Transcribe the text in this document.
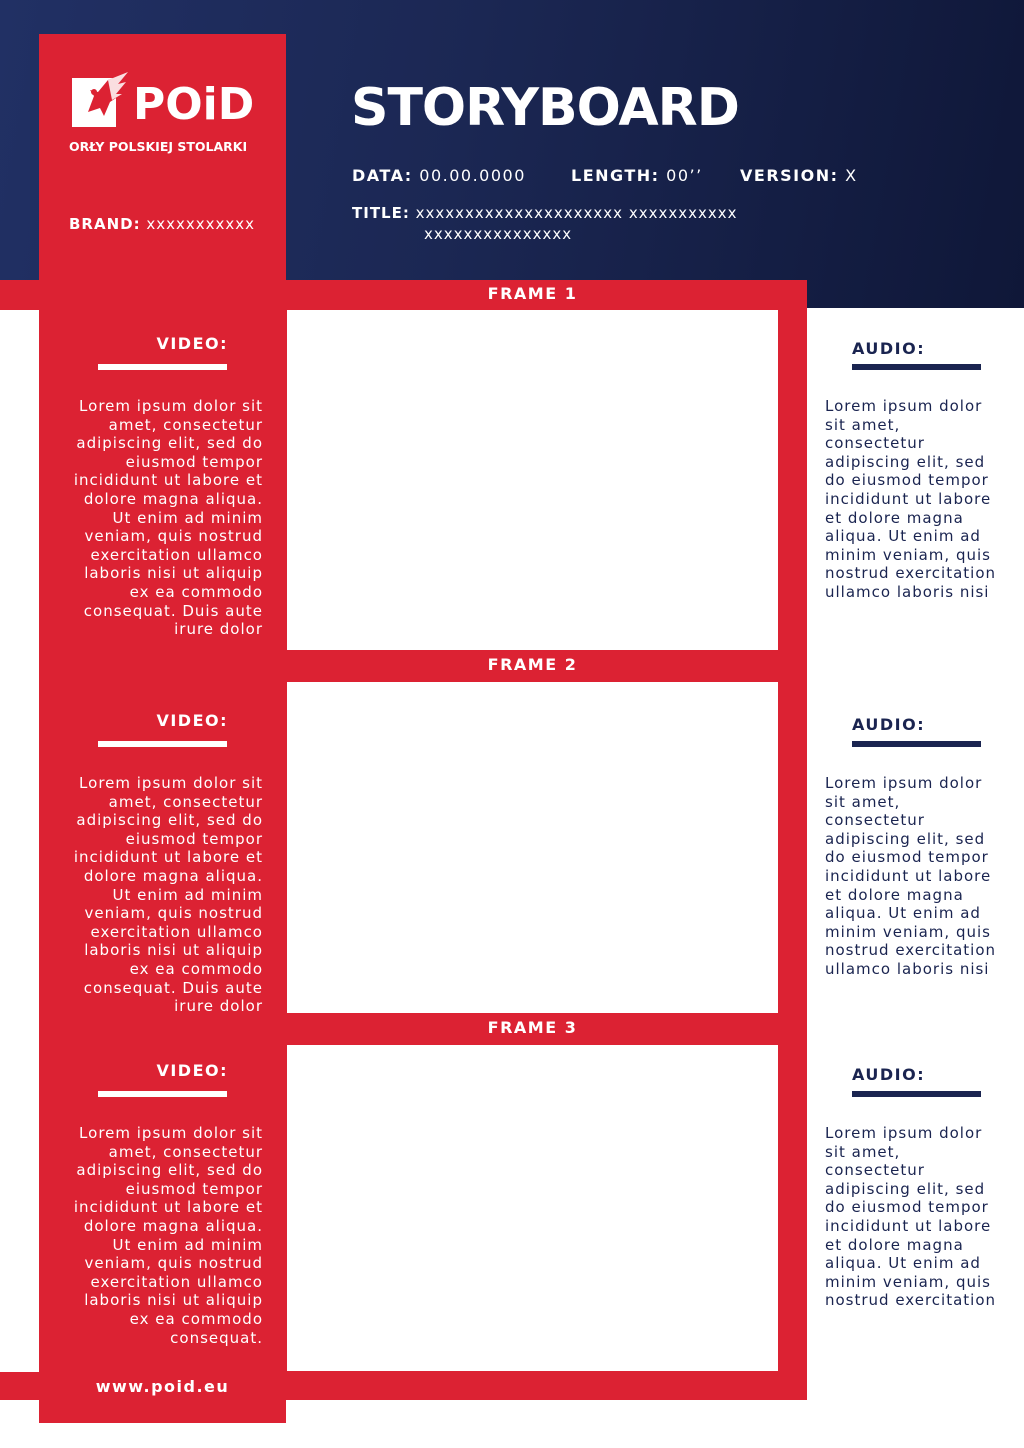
POiD
ORŁY POLSKIEJ STOLARKI
BRAND: xxxxxxxxxxx
STORYBOARD
DATA: 00.00.0000	LENGTH: 00’’ VERSION: X
TITLE: xxxxxxxxxxxxxxxxxxxxx xxxxxxxxxxx
xxxxxxxxxxxxxxx
FRAME 1
VIDEO:
Lorem ipsum dolor sit amet, consectetur adipiscing elit, sed do eiusmod tempor incididunt ut labore et dolore magna aliqua. Ut enim ad minim veniam, quis nostrud exercitation ullamco laboris nisi ut aliquip ex ea commodo consequat. Duis aute irure dolor
AUDIO:
Lorem ipsum dolor sit amet, consectetur adipiscing elit, sed do eiusmod tempor incididunt ut labore et dolore magna aliqua. Ut enim ad minim veniam, quis nostrud exercitation ullamco laboris nisi
FRAME 2
VIDEO:
Lorem ipsum dolor sit amet, consectetur adipiscing elit, sed do eiusmod tempor incididunt ut labore et dolore magna aliqua. Ut enim ad minim veniam, quis nostrud exercitation ullamco laboris nisi ut aliquip ex ea commodo consequat. Duis aute irure dolor
AUDIO:
Lorem ipsum dolor sit amet, consectetur adipiscing elit, sed do eiusmod tempor incididunt ut labore et dolore magna aliqua. Ut enim ad minim veniam, quis nostrud exercitation ullamco laboris nisi
FRAME 3
VIDEO:
Lorem ipsum dolor sit amet, consectetur adipiscing elit, sed do eiusmod tempor incididunt ut labore et dolore magna aliqua. Ut enim ad minim veniam, quis nostrud exercitation ullamco laboris nisi ut aliquip ex ea commodo consequat.
AUDIO:
Lorem ipsum dolor sit amet, consectetur adipiscing elit, sed do eiusmod tempor incididunt ut labore et dolore magna aliqua. Ut enim ad minim veniam, quis nostrud exercitation
www.poid.eu
